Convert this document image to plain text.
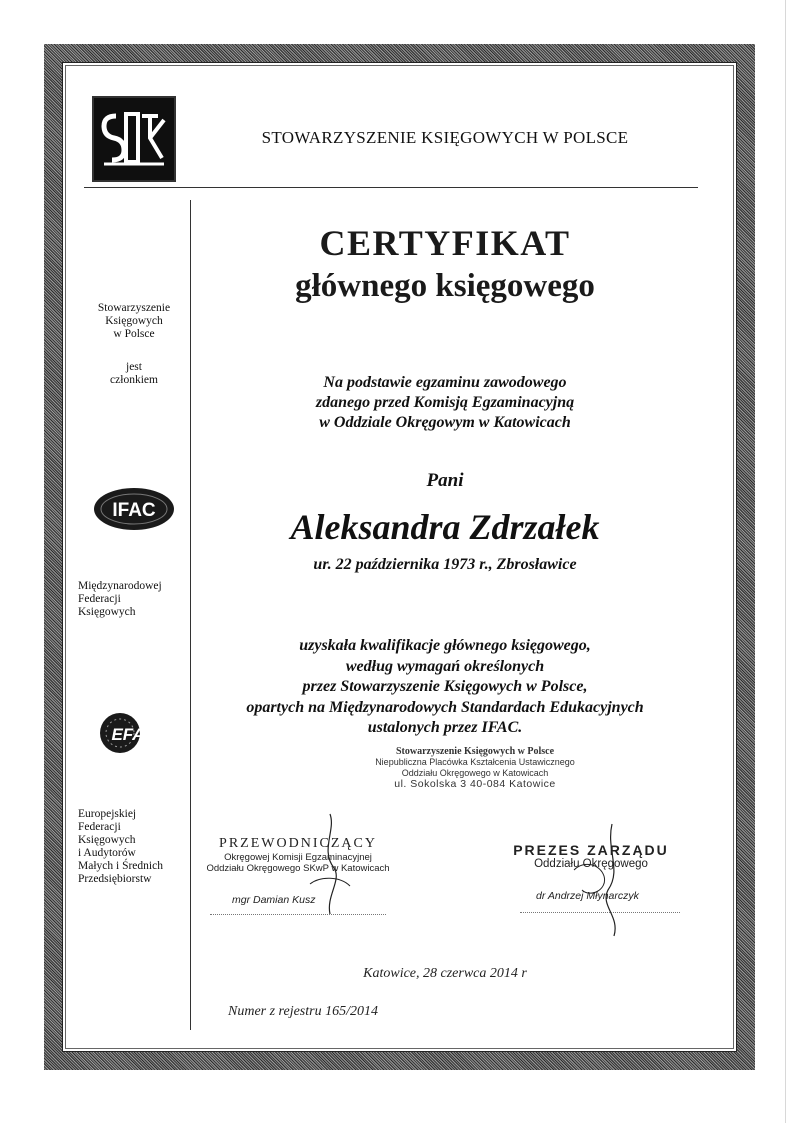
STOWARZYSZENIE KSIĘGOWYCH W POLSCE
Stowarzyszenie
Księgowych
w Polsce
jest
członkiem
IFAC
Międzynarodowej
Federacji
Księgowych
EFA
Europejskiej
Federacji
Księgowych
i Audytorów
Małych i Średnich
Przedsiębiorstw
CERTYFIKAT
głównego księgowego
Na podstawie egzaminu zawodowego
zdanego przed Komisją Egzaminacyjną
w Oddziale Okręgowym w Katowicach
Pani
Aleksandra Zdrzałek
ur. 22 października 1973 r., Zbrosławice
uzyskała kwalifikacje głównego księgowego,
według wymagań określonych
przez Stowarzyszenie Księgowych w Polsce,
opartych na Międzynarodowych Standardach Edukacyjnych
ustalonych przez IFAC.
Stowarzyszenie Księgowych w Polsce
Niepubliczna Placówka Kształcenia Ustawicznego
Oddziału Okręgowego w Katowicach
ul. Sokolska 3 40-084 Katowice
PRZEWODNICZĄCY
Okręgowej Komisji Egzaminacyjnej
Oddziału Okręgowego SKwP w Katowicach
mgr Damian Kusz
PREZES ZARZĄDU
Oddziału Okręgowego
dr Andrzej Młynarczyk
Katowice, 28 czerwca 2014 r
Numer z rejestru 165/2014
